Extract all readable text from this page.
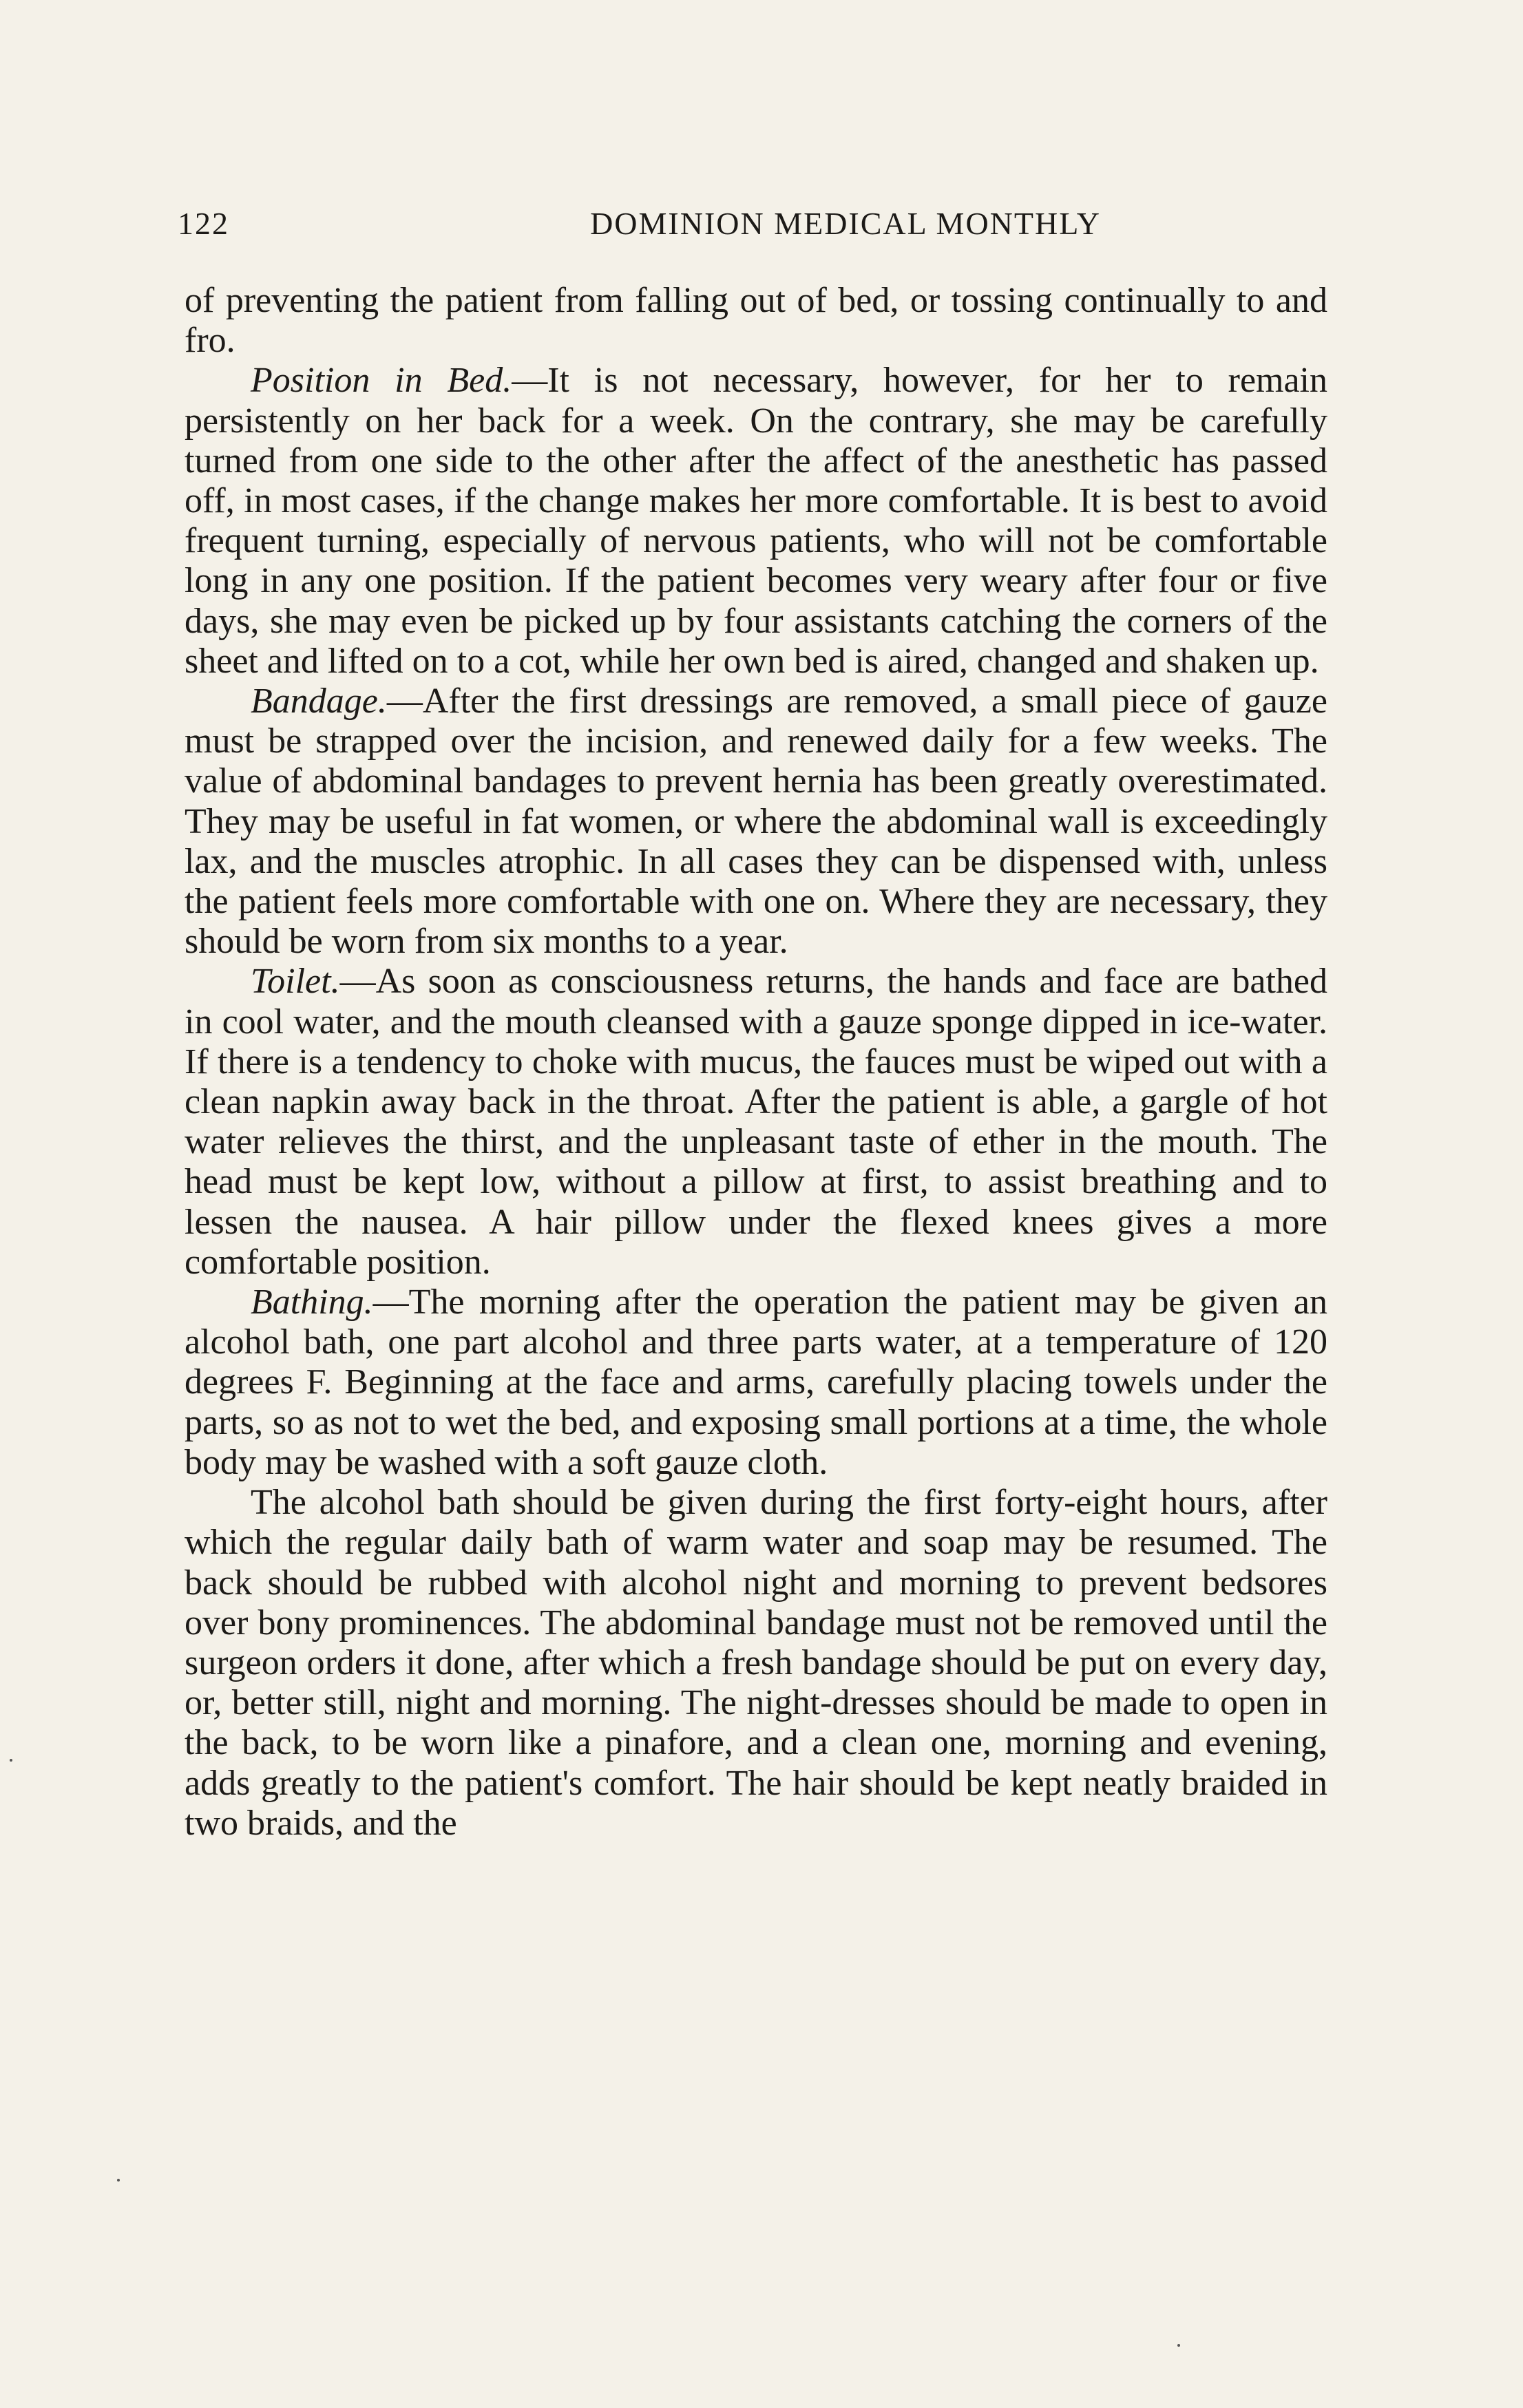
122	DOMINION MEDICAL MONTHLY

of preventing the patient from falling out of bed, or tossing continually to and fro.

Position in Bed.—It is not necessary, however, for her to remain persistently on her back for a week. On the contrary, she may be carefully turned from one side to the other after the affect of the anesthetic has passed off, in most cases, if the change makes her more comfortable. It is best to avoid frequent turning, especially of nervous patients, who will not be comfortable long in any one position. If the patient becomes very weary after four or five days, she may even be picked up by four assistants catching the corners of the sheet and lifted on to a cot, while her own bed is aired, changed and shaken up.

Bandage.—After the first dressings are removed, a small piece of gauze must be strapped over the incision, and renewed daily for a few weeks. The value of abdominal bandages to prevent hernia has been greatly overestimated. They may be useful in fat women, or where the abdominal wall is exceedingly lax, and the muscles atrophic. In all cases they can be dispensed with, unless the patient feels more comfortable with one on. Where they are necessary, they should be worn from six months to a year.

Toilet.—As soon as consciousness returns, the hands and face are bathed in cool water, and the mouth cleansed with a gauze sponge dipped in ice-water. If there is a tendency to choke with mucus, the fauces must be wiped out with a clean napkin away back in the throat. After the patient is able, a gargle of hot water relieves the thirst, and the unpleasant taste of ether in the mouth. The head must be kept low, without a pillow at first, to assist breathing and to lessen the nausea. A hair pillow under the flexed knees gives a more comfortable position.

Bathing.—The morning after the operation the patient may be given an alcohol bath, one part alcohol and three parts water, at a temperature of 120 degrees F. Beginning at the face and arms, carefully placing towels under the parts, so as not to wet the bed, and exposing small portions at a time, the whole body may be washed with a soft gauze cloth.

The alcohol bath should be given during the first forty-eight hours, after which the regular daily bath of warm water and soap may be resumed. The back should be rubbed with alcohol night and morning to prevent bedsores over bony prominences. The abdominal bandage must not be removed until the surgeon orders it done, after which a fresh bandage should be put on every day, or, better still, night and morning. The night-dresses should be made to open in the back, to be worn like a pinafore, and a clean one, morning and evening, adds greatly to the patient's comfort. The hair should be kept neatly braided in two braids, and the
